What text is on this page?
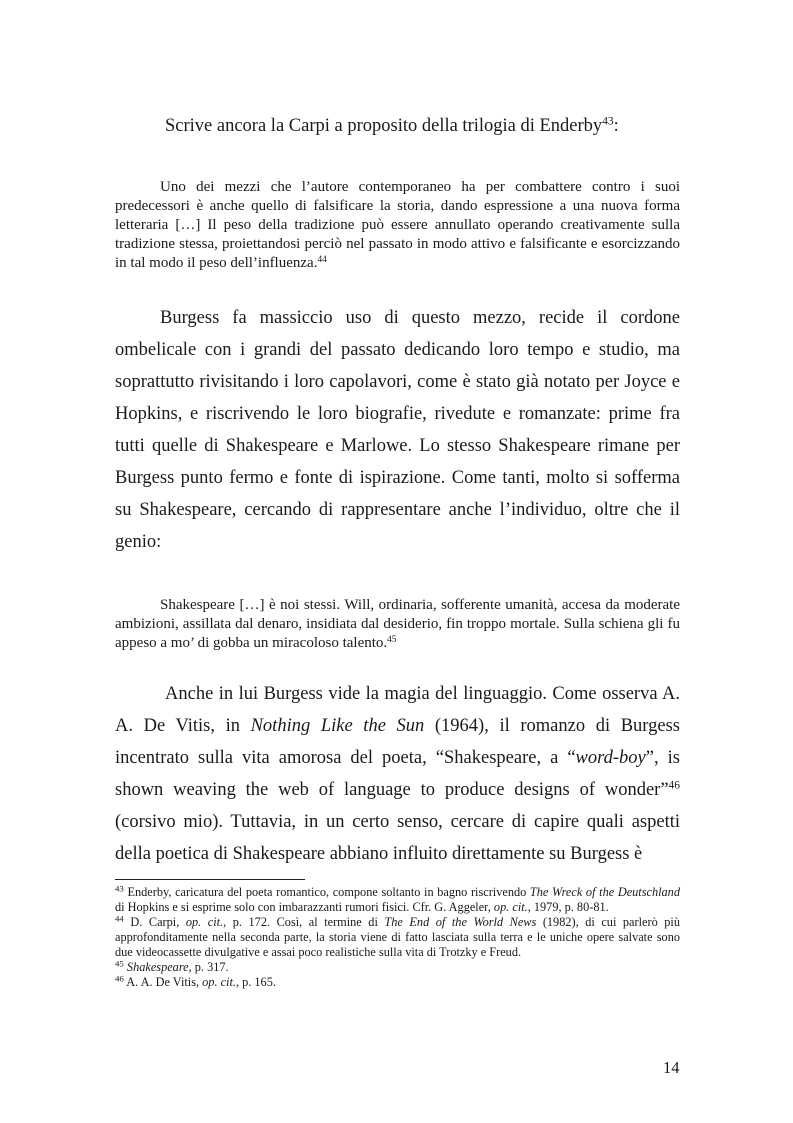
Scrive ancora la Carpi a proposito della trilogia di Enderby$^{43}$:

Uno dei mezzi che l’autore contemporaneo ha per combattere contro i suoi predecessori è anche quello di falsificare la storia, dando espressione a una nuova forma letteraria […] Il peso della tradizione può essere annullato operando creativamente sulla tradizione stessa, proiettandosi perciò nel passato in modo attivo e falsificante e esorcizzando in tal modo il peso dell’influenza.$^{44}$

Burgess fa massiccio uso di questo mezzo, recide il cordone ombelicale con i grandi del passato dedicando loro tempo e studio, ma soprattutto rivisitando i loro capolavori, come è stato già notato per Joyce e Hopkins, e riscrivendo le loro biografie, rivedute e romanzate: prime fra tutti quelle di Shakespeare e Marlowe. Lo stesso Shakespeare rimane per Burgess punto fermo e fonte di ispirazione. Come tanti, molto si sofferma su Shakespeare, cercando di rappresentare anche l’individuo, oltre che il genio:

Shakespeare […] è noi stessi. Will, ordinaria, sofferente umanità, accesa da moderate ambizioni, assillata dal denaro, insidiata dal desiderio, fin troppo mortale. Sulla schiena gli fu appeso a mo’ di gobba un miracoloso talento.$^{45}$

Anche in lui Burgess vide la magia del linguaggio. Come osserva A. A. De Vitis, in Nothing Like the Sun (1964), il romanzo di Burgess incentrato sulla vita amorosa del poeta, “Shakespeare, a “word-boy”, is shown weaving the web of language to produce designs of wonder”$^{46}$ (corsivo mio). Tuttavia, in un certo senso, cercare di capire quali aspetti della poetica di Shakespeare abbiano influito direttamente su Burgess è

$^{43}$ Enderby, caricatura del poeta romantico, compone soltanto in bagno riscrivendo The Wreck of the Deutschland di Hopkins e si esprime solo con imbarazzanti rumori fisici. Cfr. G. Aggeler, op. cit., 1979, p. 80-81.

$^{44}$ D. Carpi, op. cit., p. 172. Così, al termine di The End of the World News (1982), di cui parlerò più approfonditamente nella seconda parte, la storia viene di fatto lasciata sulla terra e le uniche opere salvate sono due videocassette divulgative e assai poco realistiche sulla vita di Trotzky e Freud.

$^{45}$ Shakespeare, p. 317.

$^{46}$ A. A. De Vitis, op. cit., p. 165.

14
